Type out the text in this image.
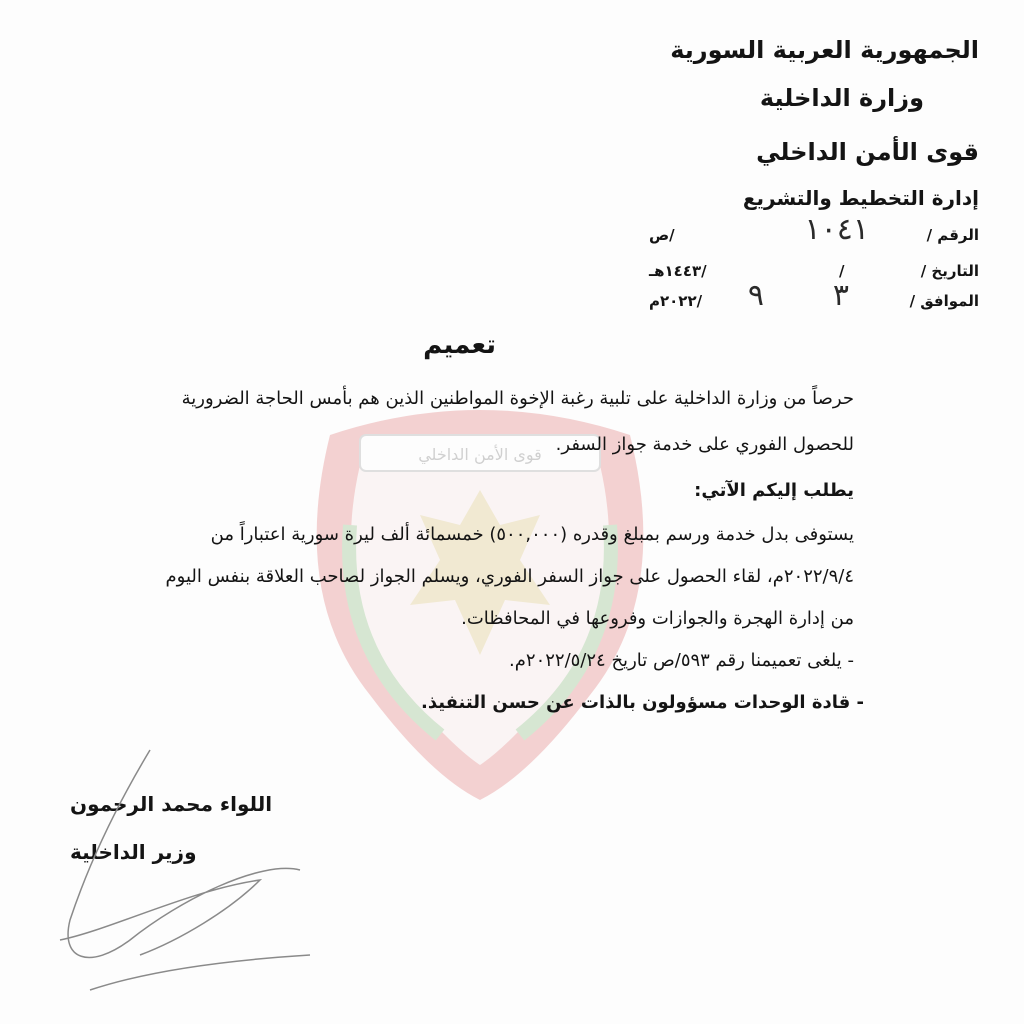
قوى الأمن الداخلي
الجمهورية العربية السورية
وزارة الداخلية
قوى الأمن الداخلي
إدارة التخطيط والتشريع
الرقم /
١٠٤١
/ص
التاريخ /
/
/١٤٤٣هـ
الموافق /
٣
٩
/٢٠٢٢م
تعميم
حرصاً من وزارة الداخلية على تلبية رغبة الإخوة المواطنين الذين هم بأمس الحاجة الضرورية
للحصول الفوري على خدمة جواز السفر.
يطلب إليكم الآتي:
يستوفى بدل خدمة ورسم بمبلغ وقدره (٥٠٠,٠٠٠) خمسمائة ألف ليرة سورية اعتباراً من
٢٠٢٢/٩/٤م، لقاء الحصول على جواز السفر الفوري، ويسلم الجواز لصاحب العلاقة بنفس اليوم
من إدارة الهجرة والجوازات وفروعها في المحافظات.
- يلغى تعميمنا رقم ٥٩٣/ص تاريخ ٢٠٢٢/٥/٢٤م.
- قادة الوحدات مسؤولون بالذات عن حسن التنفيذ.
اللواء محمد الرحمون
وزير الداخلية
